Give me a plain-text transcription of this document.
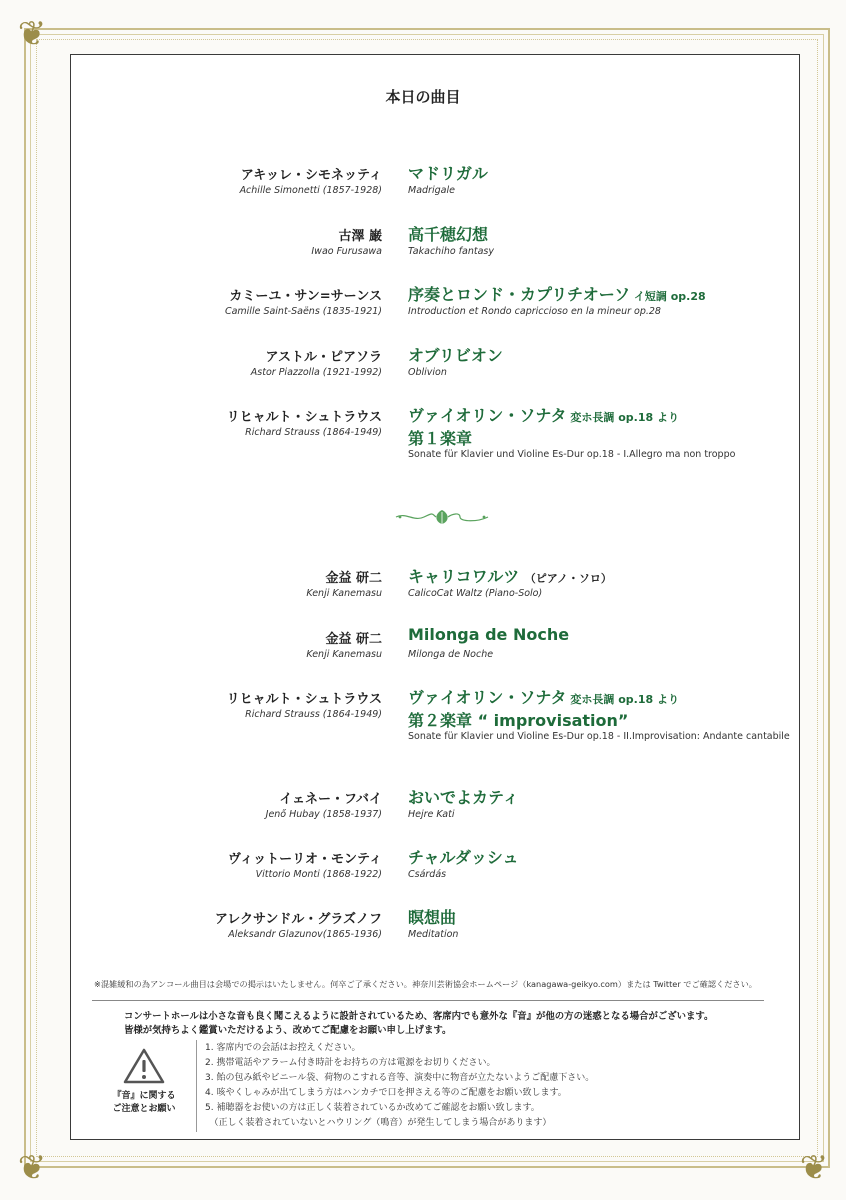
❦
❦	❦
本日の曲目
アキッレ・シモネッティ
Achille Simonetti (1857-1928)
マドリガル
Madrigale
古澤 巌
Iwao Furusawa
高千穂幻想
Takachiho fantasy
カミーユ・サン=サーンス
Camille Saint-Saëns (1835-1921)
序奏とロンド・カプリチオーソ イ短調 op.28
Introduction et Rondo capriccioso en la mineur op.28
アストル・ピアソラ
Astor Piazzolla (1921-1992)
オブリビオン
Oblivion
リヒャルト・シュトラウス
Richard Strauss (1864-1949)
ヴァイオリン・ソナタ 変ホ長調 op.18 より
第１楽章
Sonate für Klavier und Violine Es-Dur op.18 - I.Allegro ma non troppo
金益 研二
Kenji Kanemasu
キャリコワルツ　（ピアノ・ソロ）
CalicoCat Waltz (Piano-Solo)
金益 研二
Kenji Kanemasu
Milonga de Noche
Milonga de Noche
リヒャルト・シュトラウス
Richard Strauss (1864-1949)
ヴァイオリン・ソナタ 変ホ長調 op.18 より
第２楽章 “ improvisation”
Sonate für Klavier und Violine Es-Dur op.18 - II.Improvisation: Andante cantabile
イェネー・フバイ
Jenő Hubay (1858-1937)
おいでよカティ
Hejre Kati
ヴィットーリオ・モンティ
Vittorio Monti (1868-1922)
チャルダッシュ
Csárdás
アレクサンドル・グラズノフ
Aleksandr Glazunov(1865-1936)
瞑想曲
Meditation
※混雑緩和の為アンコール曲目は会場での掲示はいたしません。何卒ご了承ください。神奈川芸術協会ホームページ（kanagawa-geikyo.com）または Twitter でご確認ください。
コンサートホールは小さな音も良く聞こえるように設計されているため、客席内でも意外な『音』が他の方の迷惑となる場合がございます。
皆様が気持ちよく鑑賞いただけるよう、改めてご配慮をお願い申し上げます。
『音』に関する
ご注意とお願い
1. 客席内での会話はお控えください。
2. 携帯電話やアラーム付き時計をお持ちの方は電源をお切りください。
3. 飴の包み紙やビニール袋、荷物のこすれる音等、演奏中に物音が立たないようご配慮下さい。
4. 咳やくしゃみが出てしまう方はハンカチで口を押さえる等のご配慮をお願い致します。
5. 補聴器をお使いの方は正しく装着されているか改めてご確認をお願い致します。
　（正しく装着されていないとハウリング（鳴音）が発生してしまう場合があります）
